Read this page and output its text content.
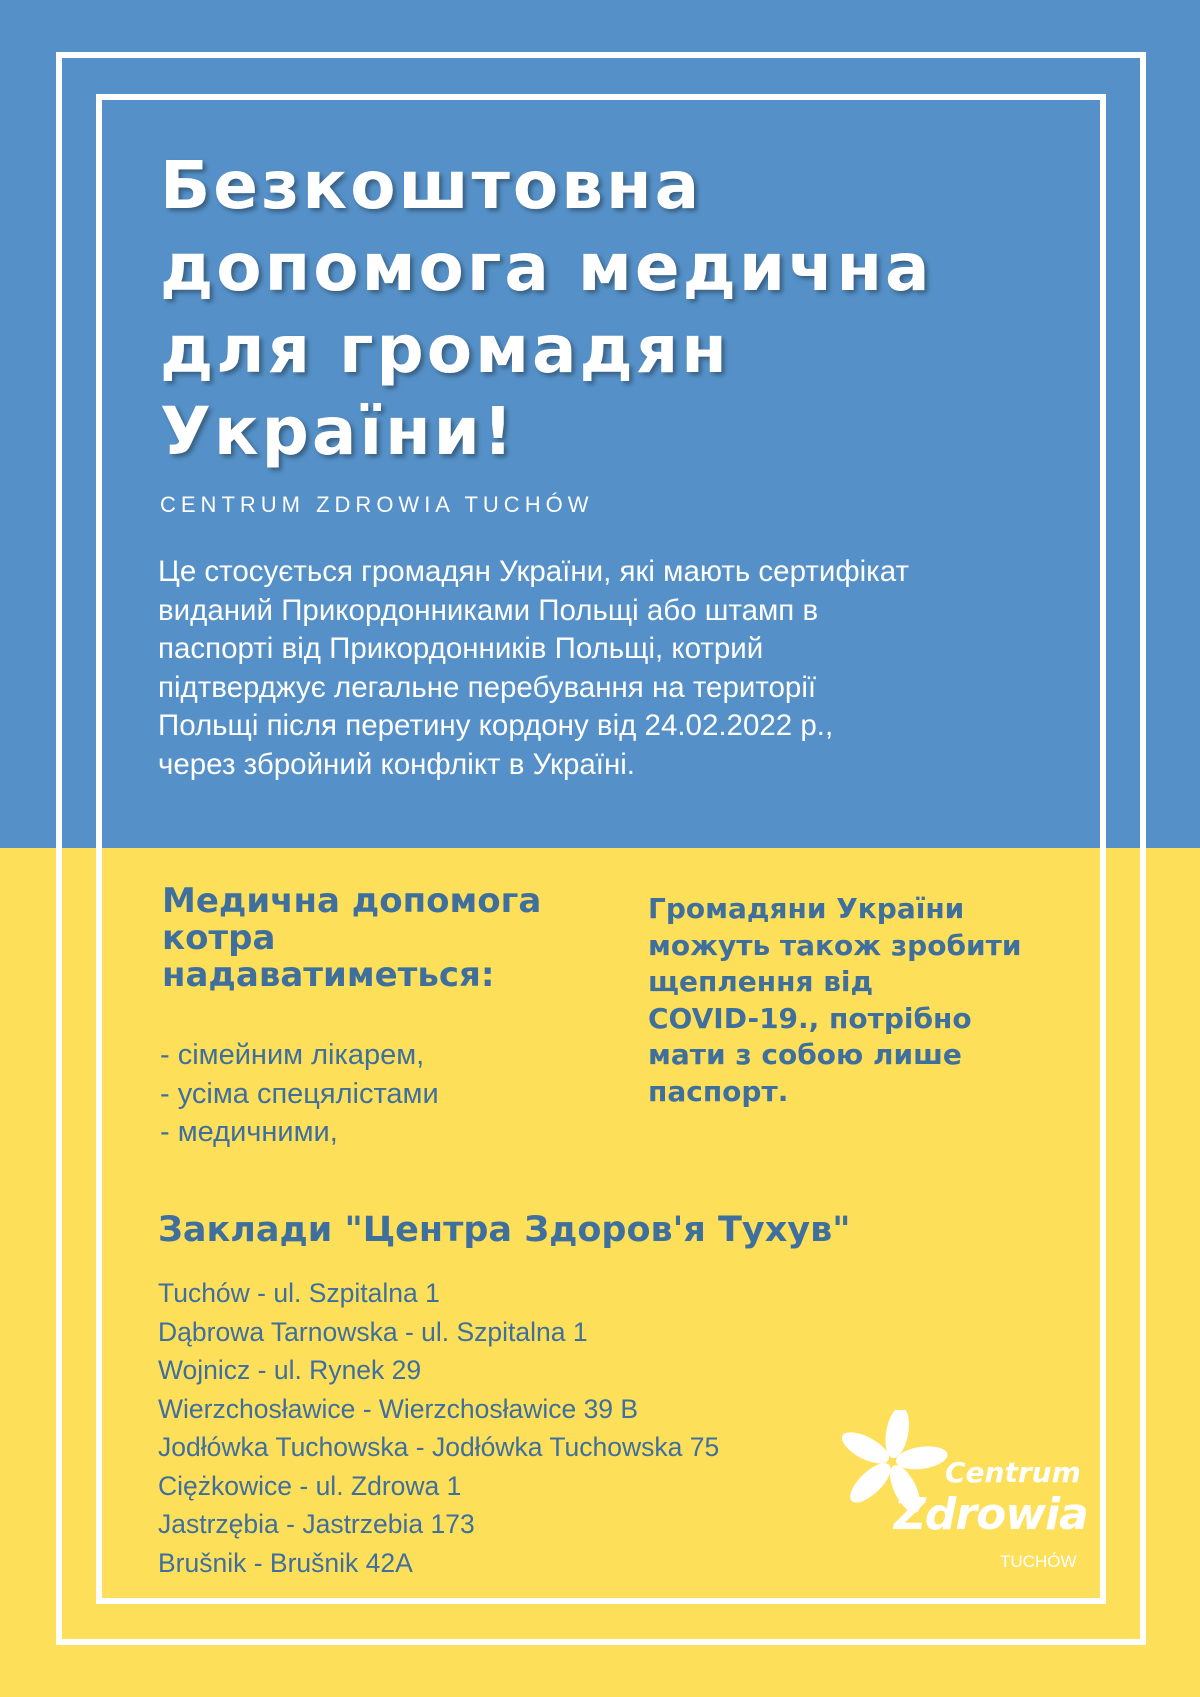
Безкоштовна допомога медична для громадян України!

CENTRUM ZDROWIA TUCHÓW

Це стосується громадян України, які мають сертифікат
виданий Прикордонниками Польщі або штамп в
паспорті від Прикордонників Польщі, котрий
підтверджує легальне перебування на території
Польщі після перетину кордону від 24.02.2022 р.,
через збройний конфлікт в Україні.
Медична допомога
котра
надаватиметься:
- сімейним лікарем,
- усіма спецялістами
- медичними,
Громадяни України
можуть також зробити
щеплення від
COVID-19., потрібно
мати з собою лише
паспорт.
Заклади "Центра Здоров'я Тухув"
Tuchów - ul. Szpitalna 1
Dąbrowa Tarnowska - ul. Szpitalna 1
Wojnicz - ul. Rynek 29
Wierzchosławice - Wierzchosławice 39 B
Jodłówka Tuchowska - Jodłówka Tuchowska 75
Ciężkowice - ul. Zdrowa 1
Jastrzębia - Jastrzebia 173
Brušnik - Brušnik 42A
Centrum
Zdrowia
TUCHÓW
